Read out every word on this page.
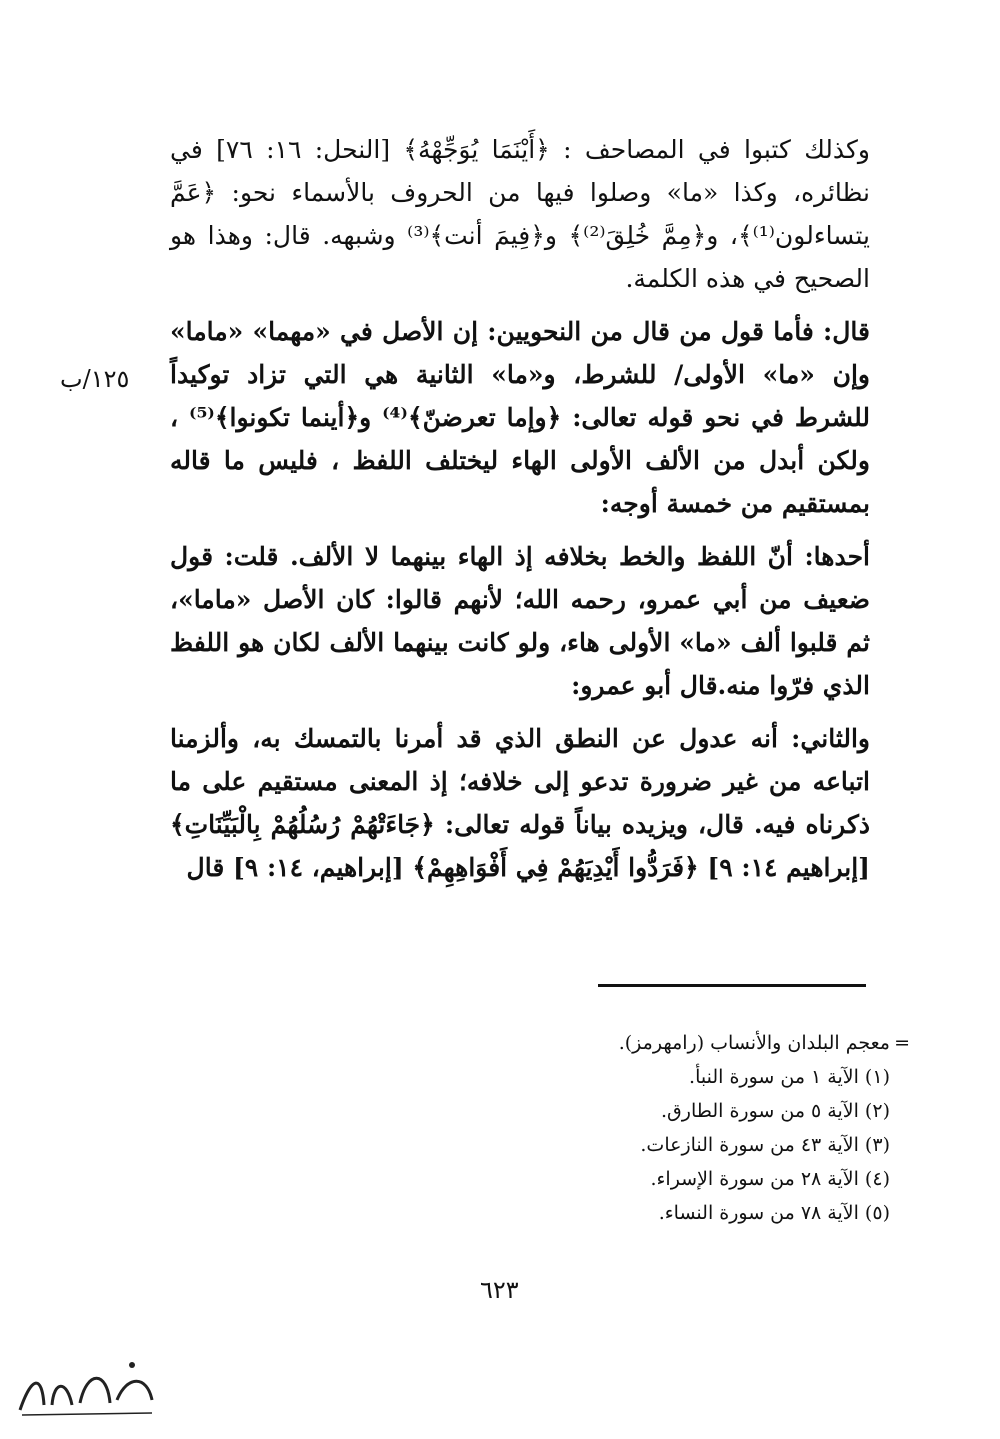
وكذلك كتبوا في المصاحف : ﴿أَيْنَمَا يُوَجِّهْهُ﴾ [النحل: ١٦: ٧٦] في نظائره، وكذا «ما» وصلوا فيها من الحروف بالأسماء نحو: ﴿عَمَّ يتساءلون⁽¹⁾﴾، و﴿مِمَّ خُلِقَ⁽²⁾﴾ و﴿فِيمَ أنت﴾⁽³⁾ وشبهه. قال: وهذا هو الصحيح في هذه الكلمة.

قال: فأما قول من قال من النحويين: إن الأصل في «مهما» «ماما» وإن «ما» الأولى/ للشرط، و«ما» الثانية هي التي تزاد توكيداً للشرط في نحو قوله تعالى: ﴿وإما تعرضنّ﴾⁽⁴⁾ و﴿أينما تكونوا﴾⁽⁵⁾ ، ولكن أبدل من الألف الأولى الهاء ليختلف اللفظ ، فليس ما قاله بمستقيم من خمسة أوجه:

أحدها: أنّ اللفظ والخط بخلافه إذ الهاء بينهما لا الألف. قلت: قول ضعيف من أبي عمرو، رحمه الله؛ لأنهم قالوا: كان الأصل «ماما»، ثم قلبوا ألف «ما» الأولى هاء، ولو كانت بينهما الألف لكان هو اللفظ الذي فرّوا منه.قال أبو عمرو:

والثاني: أنه عدول عن النطق الذي قد أمرنا بالتمسك به، وألزمنا اتباعه من غير ضرورة تدعو إلى خلافه؛ إذ المعنى مستقيم على ما ذكرناه فيه. قال، ويزيده بياناً قوله تعالى: ﴿جَاءَتْهُمْ رُسُلُهُمْ بِالْبَيِّنَاتِ﴾ [إبراهيم ١٤: ٩] ﴿فَرَدُّوا أَيْدِيَهُمْ فِي أَفْوَاهِهِمْ﴾ [إبراهيم، ١٤: ٩] قال

١٢٥/ب

=
معجم البلدان والأنساب (رامهرمز).

(١) الآية ١ من سورة النبأ.

(٢) الآية ٥ من سورة الطارق.

(٣) الآية ٤٣ من سورة النازعات.

(٤) الآية ٢٨ من سورة الإسراء.

(٥) الآية ٧٨ من سورة النساء.

٦٢٣
